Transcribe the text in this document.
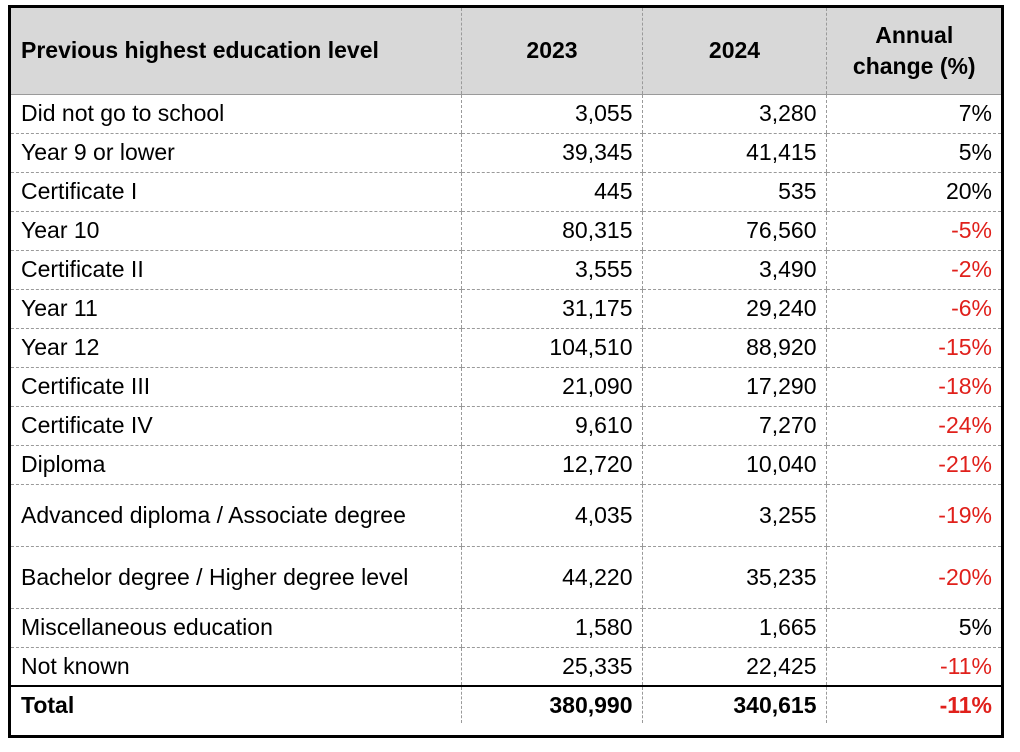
Previous highest education level	2023	2024	Annual
change (%)
Did not go to school	3,055	3,280	7%
Year 9 or lower	39,345	41,415	5%
Certificate I	445	535	20%
Year 10	80,315	76,560	-5%
Certificate II	3,555	3,490	-2%
Year 11	31,175	29,240	-6%
Year 12	104,510	88,920	-15%
Certificate III	21,090	17,290	-18%
Certificate IV	9,610	7,270	-24%
Diploma	12,720	10,040	-21%
Advanced diploma / Associate degree	4,035	3,255	-19%
Bachelor degree / Higher degree level	44,220	35,235	-20%
Miscellaneous education	1,580	1,665	5%
Not known	25,335	22,425	-11%
Total	380,990	340,615	-11%
